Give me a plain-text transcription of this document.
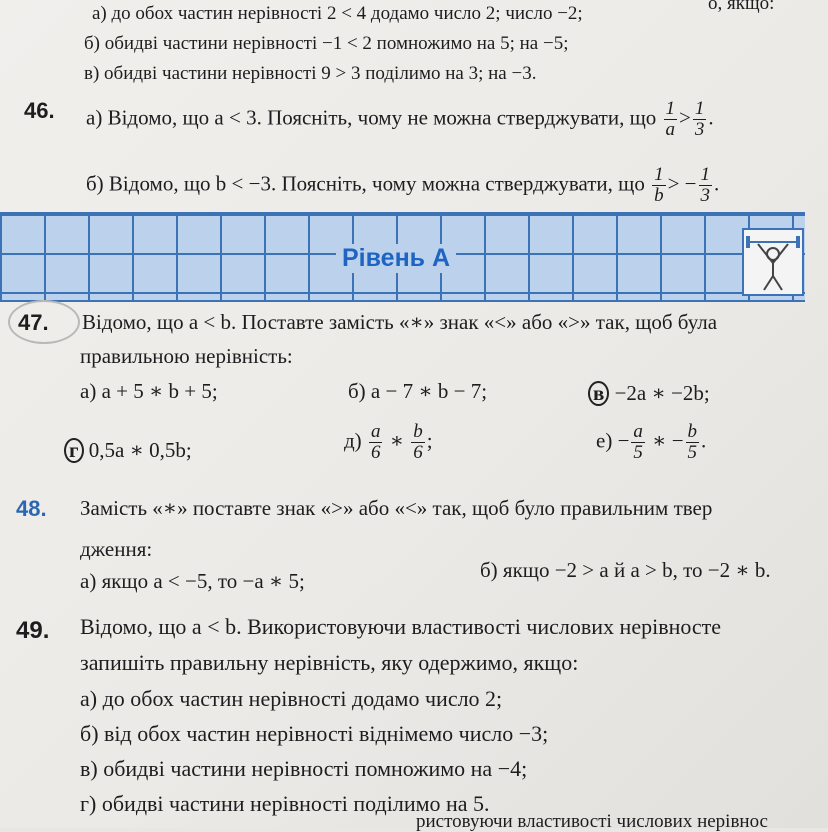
а) до обох частин нерівності 2 < 4 додамо число 2; число −2;	о, якщо:
б) обидві частини нерівності −1 < 2 помножимо на 5; на −5;
в) обидві частини нерівності 9 > 3 поділимо на 3; на −3.
46. а) Відомо, що a < 3. Поясніть, чому не можна стверджувати, що $\frac{1}{a} > \frac{1}{3}$ .
б) Відомо, що b < −3. Поясніть, чому можна стверджувати, що $\frac{1}{b}$ > − $\frac{1}{3}$ .
Рівень А
47. Відомо, що a < b. Поставте замість «∗» знак «<» або «>» так, щоб була
правильною нерівність:
а) a + 5 ∗ b + 5;	б) a − 7 ∗ b − 7;	в −2a ∗ −2b;
г 0,5a ∗ 0,5b;	$д) \frac{a}{6}$ ∗ $\frac{b}{6}$ ;	$е) - \frac{a}{5}$ ∗ − $\frac{b}{5}$ .
48. Замість «∗» поставте знак «>» або «<» так, щоб було правильним твер
дження:
а) якщо a < −5, то −a ∗ 5;	б) якщо −2 > a й a > b, то −2 ∗ b.
49. Відомо, що a < b. Використовуючи властивості числових нерівносте
запишіть правильну нерівність, яку одержимо, якщо:
а) до обох частин нерівності додамо число 2;
б) від обох частин нерівності віднімемо число −3;
в) обидві частини нерівності помножимо на −4;
г) обидві частини нерівності поділимо на 5.
ристовуючи властивості числових нерівнос
